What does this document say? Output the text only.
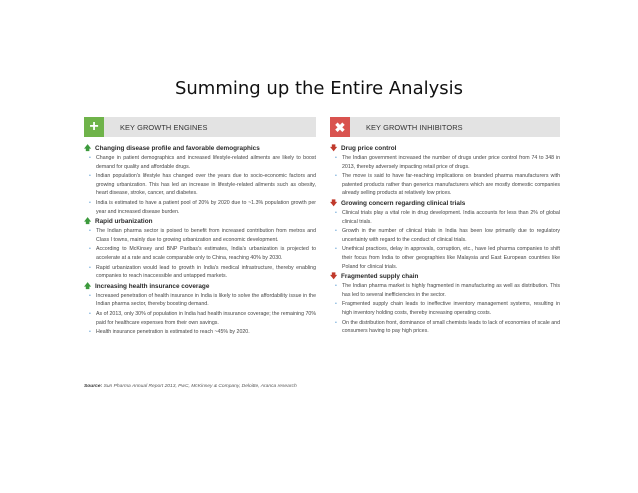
Summing up the Entire Analysis
+	KEY GROWTH ENGINES
🡅 Changing disease profile and favorable demographics
• Change in patient demographics and increased lifestyle-related ailments are likely to boost demand for quality and affordable drugs.
• Indian population's lifestyle has changed over the years due to socio-economic factors and growing urbanization. This has led an increase in lifestyle-related ailments such as obesity, heart disease, stroke, cancer, and diabetes.
• India is estimated to have a patient pool of 20% by 2020 due to ~1.3% population growth per year and increased disease burden.
🡅 Rapid urbanization
• The Indian pharma sector is poised to benefit from increased contribution from metros and Class I towns, mainly due to growing urbanization and economic development.
• According to McKinsey and BNP Paribas's estimates, India's urbanization is projected to accelerate at a rate and scale comparable only to China, reaching 40% by 2030.
• Rapid urbanization would lead to growth in India's medical infrastructure, thereby enabling companies to reach inaccessible and untapped markets.
🡅 Increasing health insurance coverage
• Increased penetration of health insurance in India is likely to solve the affordability issue in the Indian pharma sector, thereby boosting demand.
• As of 2013, only 30% of population in India had health insurance coverage; the remaining 70% paid for healthcare expenses from their own savings.
• Health insurance penetration is estimated to reach ~45% by 2020.
✖	KEY GROWTH INHIBITORS
🡇 Drug price control
• The Indian government increased the number of drugs under price control from 74 to 348 in 2013, thereby adversely impacting retail price of drugs.
• The move is said to have far-reaching implications on branded pharma manufacturers with patented products rather than generics manufacturers which are mostly domestic companies already selling products at relatively low prices.
🡇 Growing concern regarding clinical trials
• Clinical trials play a vital role in drug development. India accounts for less than 2% of global clinical trials.
• Growth in the number of clinical trials in India has been low primarily due to regulatory uncertainty with regard to the conduct of clinical trials.
• Unethical practices, delay in approvals, corruption, etc., have led pharma companies to shift their focus from India to other geographies like Malaysia and East European countries like Poland for clinical trials.
🡇 Fragmented supply chain
• The Indian pharma market is highly fragmented in manufacturing as well as distribution. This has led to several inefficiencies in the sector.
• Fragmented supply chain leads to ineffective inventory management systems, resulting in high inventory holding costs, thereby increasing operating costs.
• On the distribution front, dominance of small chemists leads to lack of economies of scale and consumers having to pay high prices.
Source: Sun Pharma Annual Report 2013, PwC, McKinsey & Company, Deloitte, Aranca research
